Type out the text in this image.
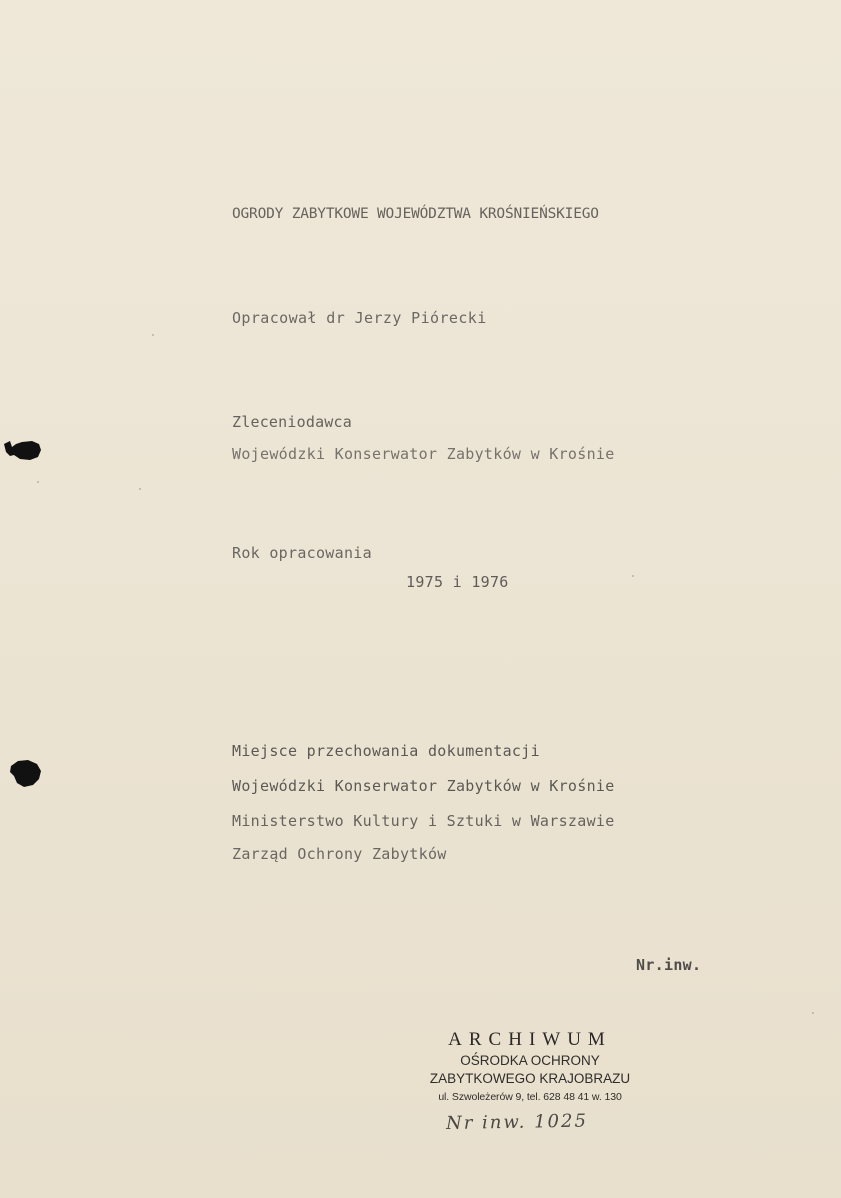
OGRODY ZABYTKOWE WOJEWÓDZTWA KROŚNIEŃSKIEGO
Opracował dr Jerzy Piórecki
Zleceniodawca
Wojewódzki Konserwator Zabytków w Krośnie
Rok opracowania
1975 i 1976
Miejsce przechowania dokumentacji
Wojewódzki Konserwator Zabytków w Krośnie
Ministerstwo Kultury i Sztuki w Warszawie
Zarząd Ochrony Zabytków
Nr.inw.
ARCHIWUM
OŚRODKA OCHRONY
ZABYTKOWEGO KRAJOBRAZU
ul. Szwoleżerów 9, tel. 628 48 41 w. 130
Nr inw. 1025
